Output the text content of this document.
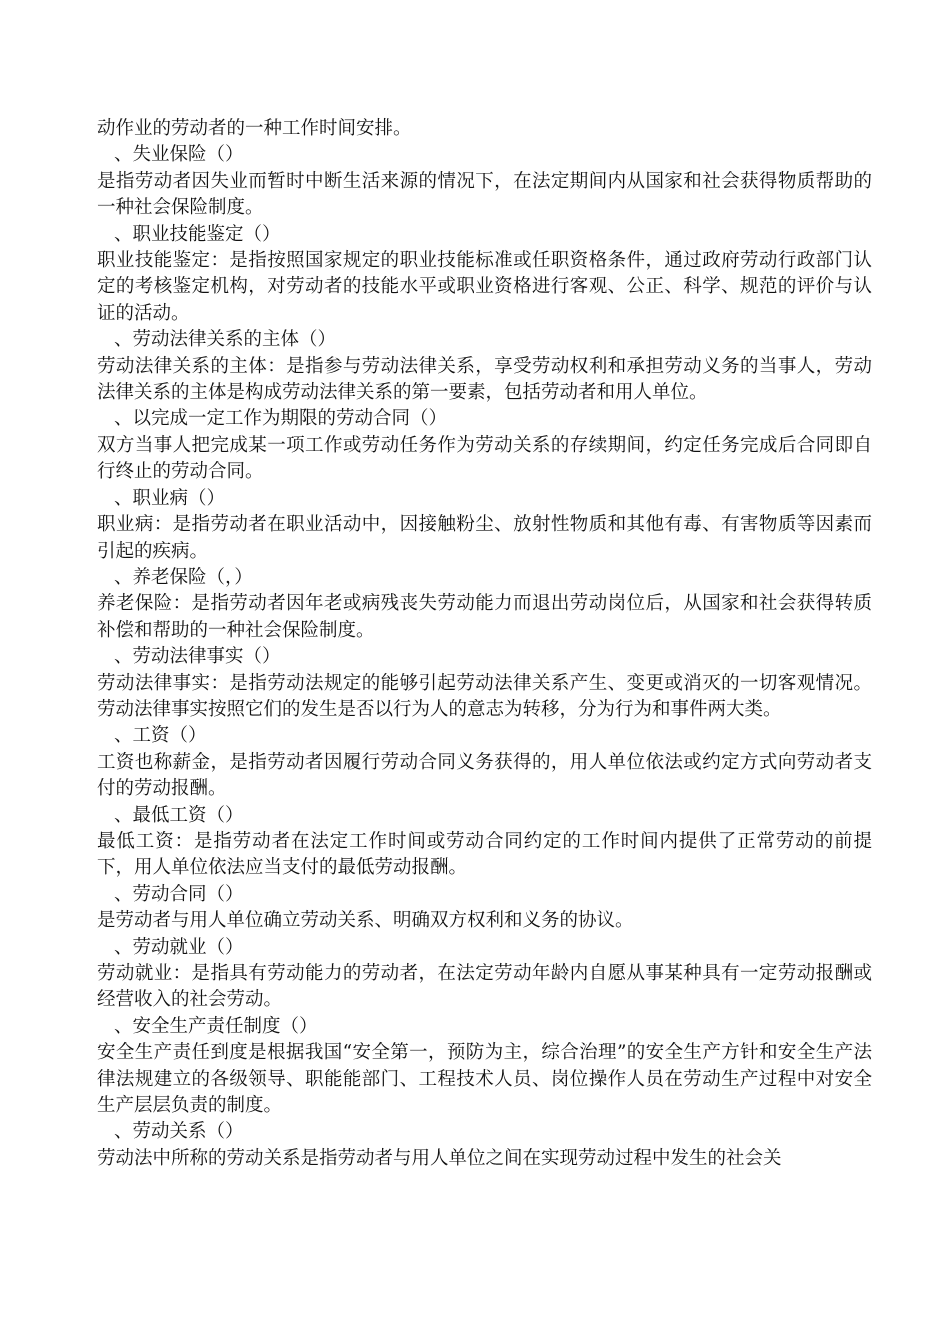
动作业的劳动者的一种工作时间安排。
、失业保险（）
是指劳动者因失业而暂时中断生活来源的情况下，在法定期间内从国家和社会获得物质帮助的一种社会保险制度。
、职业技能鉴定（）
职业技能鉴定：是指按照国家规定的职业技能标准或任职资格条件，通过政府劳动行政部门认定的考核鉴定机构，对劳动者的技能水平或职业资格进行客观、公正、科学、规范的评价与认证的活动。
、劳动法律关系的主体（）
劳动法律关系的主体：是指参与劳动法律关系，享受劳动权利和承担劳动义务的当事人，劳动法律关系的主体是构成劳动法律关系的第一要素，包括劳动者和用人单位。
、以完成一定工作为期限的劳动合同（）
双方当事人把完成某一项工作或劳动任务作为劳动关系的存续期间，约定任务完成后合同即自行终止的劳动合同。
、职业病（）
职业病：是指劳动者在职业活动中，因接触粉尘、放射性物质和其他有毒、有害物质等因素而引起的疾病。
、养老保险（，）
养老保险：是指劳动者因年老或病残丧失劳动能力而退出劳动岗位后，从国家和社会获得转质补偿和帮助的一种社会保险制度。
、劳动法律事实（）
劳动法律事实：是指劳动法规定的能够引起劳动法律关系产生、变更或消灭的一切客观情况。劳动法律事实按照它们的发生是否以行为人的意志为转移，分为行为和事件两大类。
、工资（）
工资也称薪金，是指劳动者因履行劳动合同义务获得的，用人单位依法或约定方式向劳动者支付的劳动报酬。
、最低工资（）
最低工资：是指劳动者在法定工作时间或劳动合同约定的工作时间内提供了正常劳动的前提下，用人单位依法应当支付的最低劳动报酬。
、劳动合同（）
是劳动者与用人单位确立劳动关系、明确双方权利和义务的协议。
、劳动就业（）
劳动就业：是指具有劳动能力的劳动者，在法定劳动年龄内自愿从事某种具有一定劳动报酬或经营收入的社会劳动。
、安全生产责任制度（）
安全生产责任到度是根据我国“安全第一，预防为主，综合治理”的安全生产方针和安全生产法律法规建立的各级领导、职能能部门、工程技术人员、岗位操作人员在劳动生产过程中对安全生产层层负责的制度。
、劳动关系（）
劳动法中所称的劳动关系是指劳动者与用人单位之间在实现劳动过程中发生的社会关
